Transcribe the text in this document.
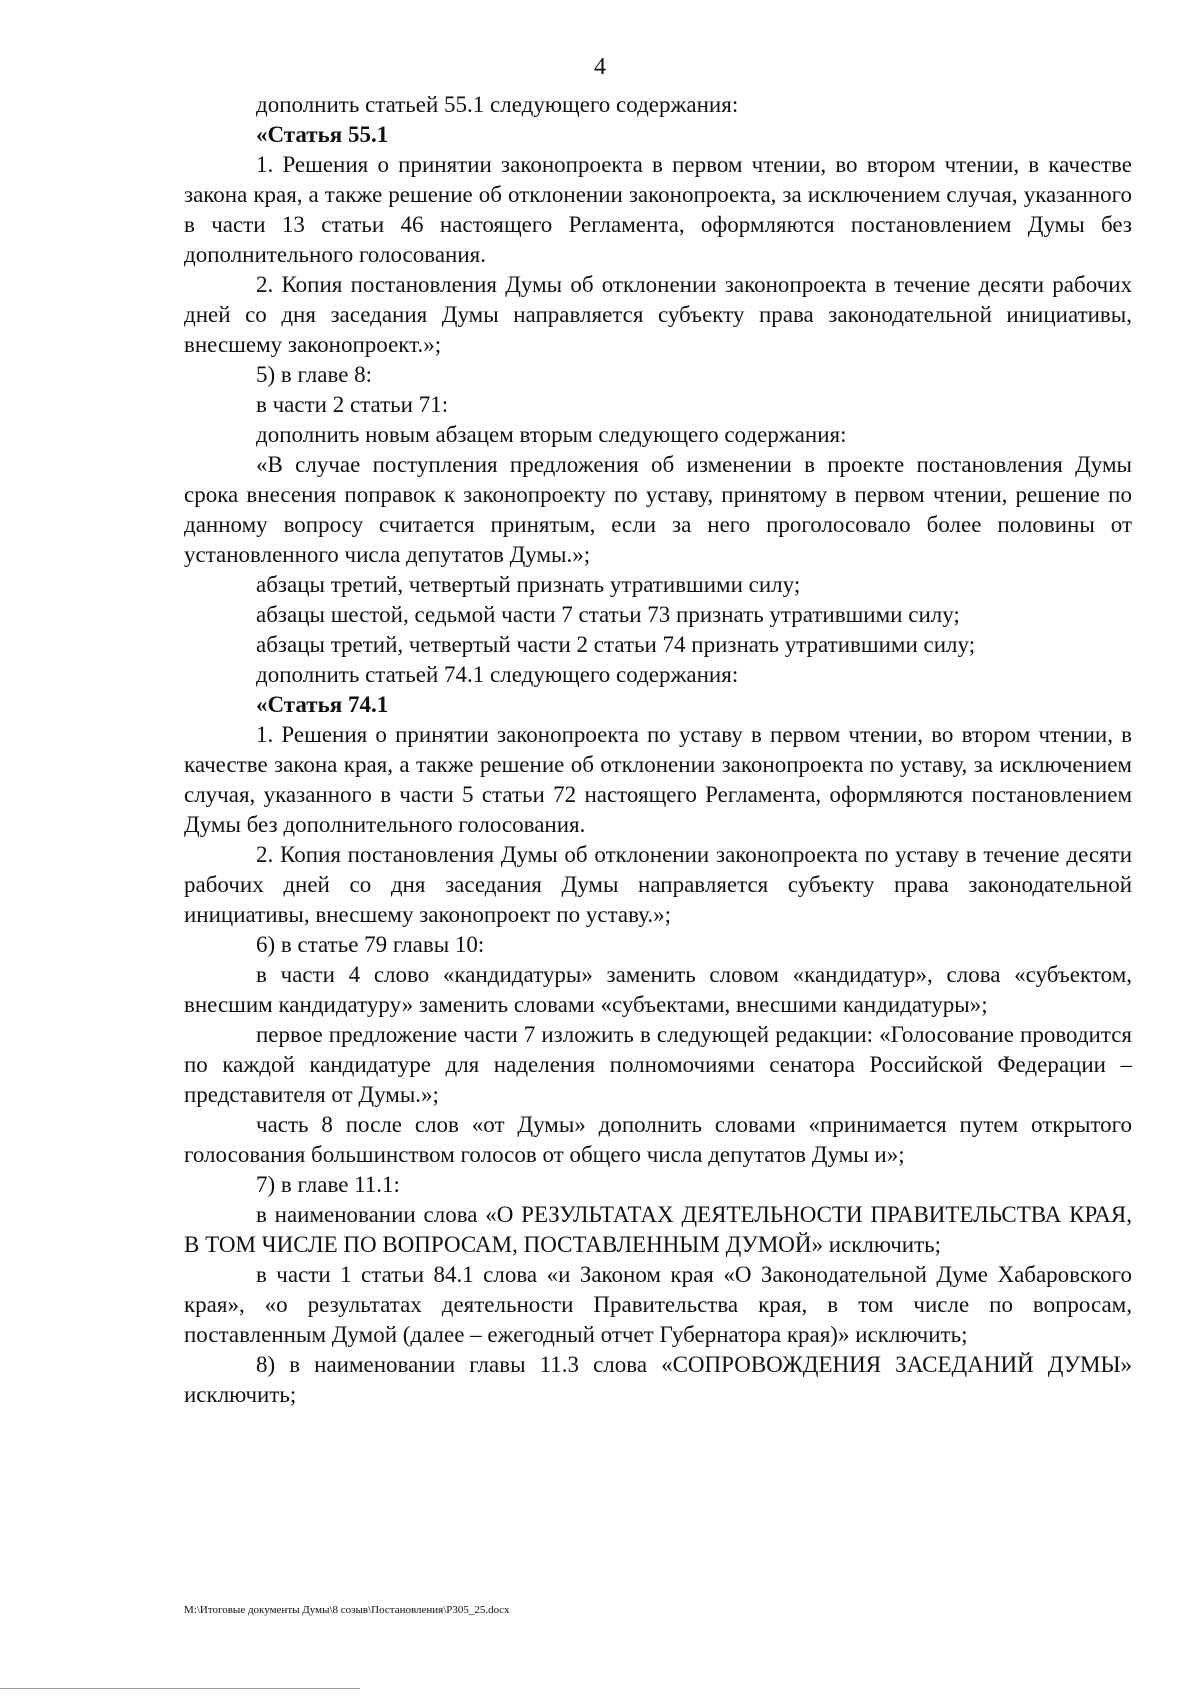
4

дополнить статьей 55.1 следующего содержания:

«Статья 55.1

1. Решения о принятии законопроекта в первом чтении, во втором чтении, в качестве закона края, а также решение об отклонении законопроекта, за исключением случая, указанного в части 13 статьи 46 настоящего Регламента, оформляются постановлением Думы без дополнительного голосования.

2. Копия постановления Думы об отклонении законопроекта в течение десяти рабочих дней со дня заседания Думы направляется субъекту права законодательной инициативы, внесшему законопроект.»;

5) в главе 8:

в части 2 статьи 71:

дополнить новым абзацем вторым следующего содержания:

«В случае поступления предложения об изменении в проекте постановления Думы срока внесения поправок к законопроекту по уставу, принятому в первом чтении, решение по данному вопросу считается принятым, если за него проголосовало более половины от установленного числа депутатов Думы.»;

абзацы третий, четвертый признать утратившими силу;

абзацы шестой, седьмой части 7 статьи 73 признать утратившими силу;

абзацы третий, четвертый части 2 статьи 74 признать утратившими силу;

дополнить статьей 74.1 следующего содержания:

«Статья 74.1

1. Решения о принятии законопроекта по уставу в первом чтении, во втором чтении, в качестве закона края, а также решение об отклонении законопроекта по уставу, за исключением случая, указанного в части 5 статьи 72 настоящего Регламента, оформляются постановлением Думы без дополнительного голосования.

2. Копия постановления Думы об отклонении законопроекта по уставу в течение десяти рабочих дней со дня заседания Думы направляется субъекту права законодательной инициативы, внесшему законопроект по уставу.»;

6) в статье 79 главы 10:

в части 4 слово «кандидатуры» заменить словом «кандидатур», слова «субъектом, внесшим кандидатуру» заменить словами «субъектами, внесшими кандидатуры»;

первое предложение части 7 изложить в следующей редакции: «Голосование проводится по каждой кандидатуре для наделения полномочиями сенатора Российской Федерации – представителя от Думы.»;

часть 8 после слов «от Думы» дополнить словами «принимается путем открытого голосования большинством голосов от общего числа депутатов Думы и»;

7) в главе 11.1:

в наименовании слова «О РЕЗУЛЬТАТАХ ДЕЯТЕЛЬНОСТИ ПРАВИТЕЛЬСТВА КРАЯ, В ТОМ ЧИСЛЕ ПО ВОПРОСАМ, ПОСТАВЛЕННЫМ ДУМОЙ» исключить;

в части 1 статьи 84.1 слова «и Законом края «О Законодательной Думе Хабаровского края», «о результатах деятельности Правительства края, в том числе по вопросам, поставленным Думой (далее – ежегодный отчет Губернатора края)» исключить;

8) в наименовании главы 11.3 слова «СОПРОВОЖДЕНИЯ ЗАСЕДАНИЙ ДУМЫ» исключить;

M:\Итоговые документы Думы\8 созыв\Постановления\Р305_25.docx
